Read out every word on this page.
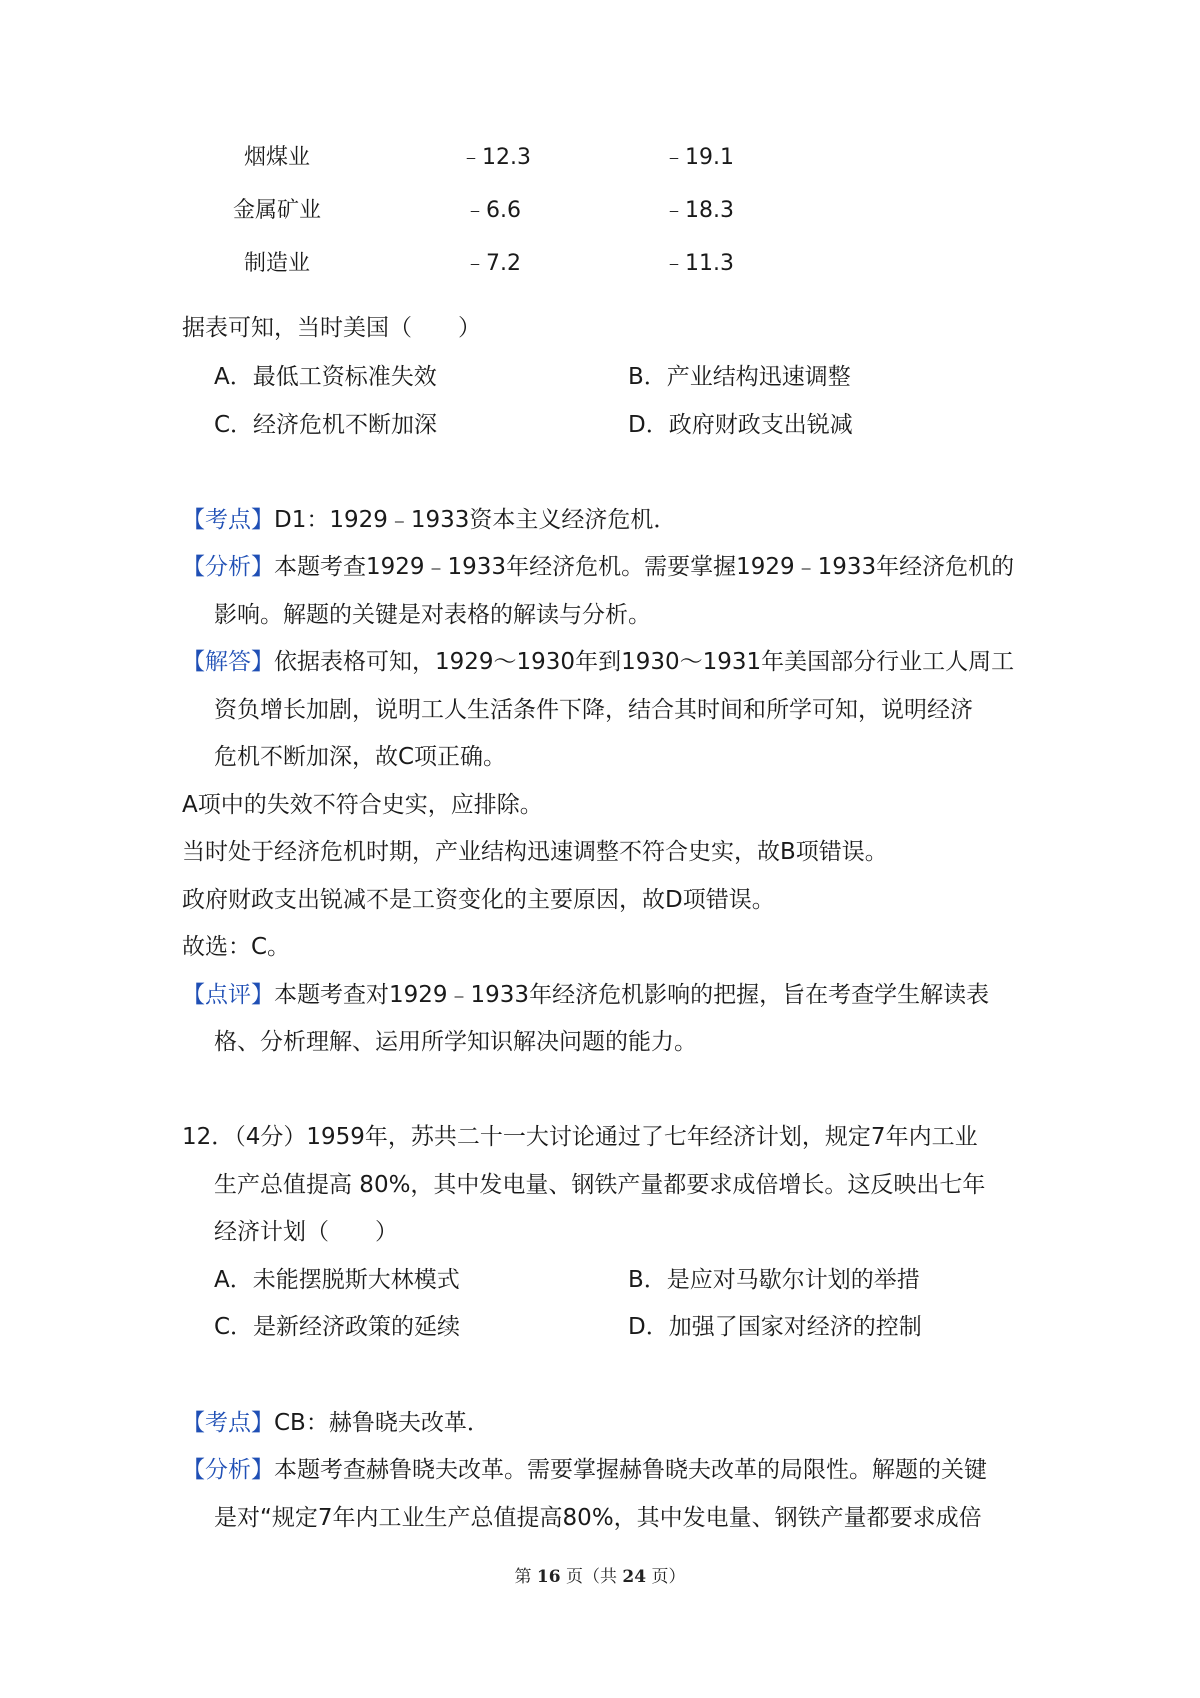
烟煤业	﹣12.3	﹣19.1
金属矿业	﹣6.6	﹣18.3
制造业	﹣7.2	﹣11.3
据表可知，当时美国（　　）
A．最低工资标准失效	B．产业结构迅速调整
C．经济危机不断加深	D．政府财政支出锐减
【考点】D1：1929﹣1933资本主义经济危机．
【分析】本题考查1929﹣1933年经济危机。需要掌握1929﹣1933年经济危机的
影响。解题的关键是对表格的解读与分析。
【解答】依据表格可知，1929～1930年到1930～1931年美国部分行业工人周工
资负增长加剧，说明工人生活条件下降，结合其时间和所学可知，说明经济
危机不断加深，故C项正确。
A项中的失效不符合史实，应排除。
当时处于经济危机时期，产业结构迅速调整不符合史实，故B项错误。
政府财政支出锐减不是工资变化的主要原因，故D项错误。
故选：C。
【点评】本题考查对1929﹣1933年经济危机影响的把握，旨在考查学生解读表
格、分析理解、运用所学知识解决问题的能力。
12．（4分）1959年，苏共二十一大讨论通过了七年经济计划，规定7年内工业
生产总值提高 80%，其中发电量、钢铁产量都要求成倍增长。这反映出七年
经济计划（　　）
A．未能摆脱斯大林模式	B．是应对马歇尔计划的举措
C．是新经济政策的延续	D．加强了国家对经济的控制
【考点】CB：赫鲁晓夫改革．
【分析】本题考查赫鲁晓夫改革。需要掌握赫鲁晓夫改革的局限性。解题的关键
是对“规定7年内工业生产总值提高80%，其中发电量、钢铁产量都要求成倍
第 16 页（共 24 页）
